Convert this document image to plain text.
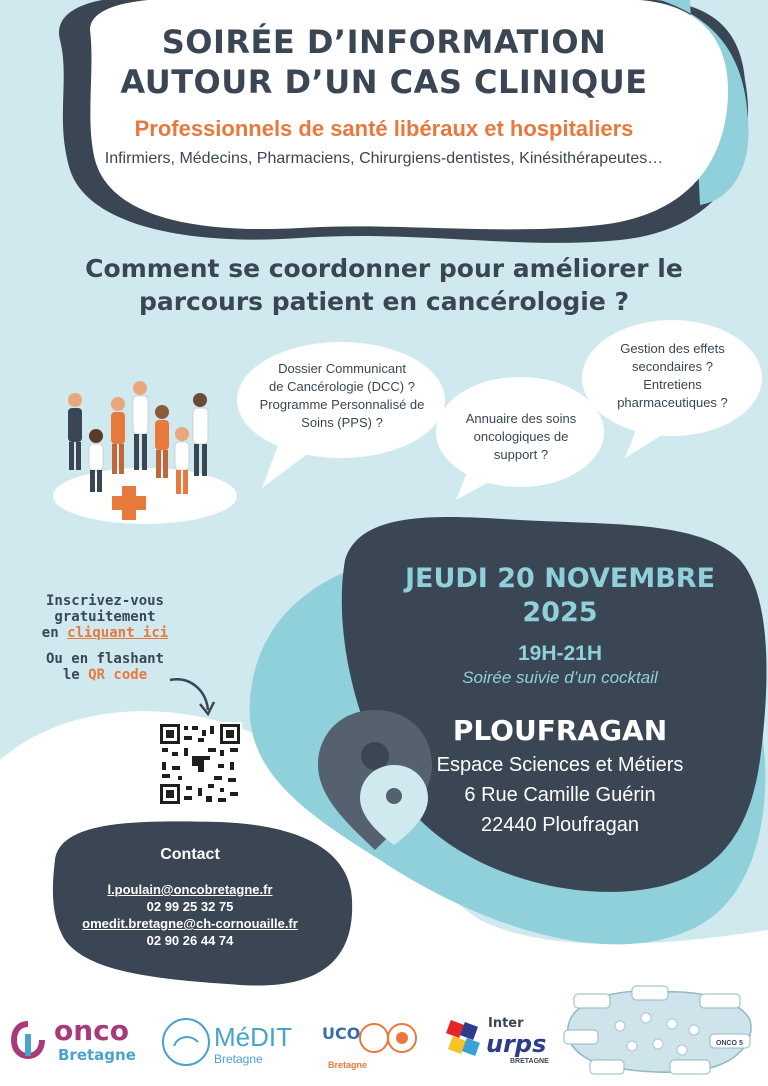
SOIRÉE D’INFORMATION
AUTOUR D’UN CAS CLINIQUE
Professionnels de santé libéraux et hospitaliers
Infirmiers, Médecins, Pharmaciens, Chirurgiens-dentistes, Kinésithérapeutes…
Comment se coordonner pour améliorer le
parcours patient en cancérologie ?
Dossier Communicant
de Cancérologie (DCC) ?
Programme Personnalisé de
Soins (PPS) ?	Annuaire des soins
oncologiques de
support ?
Gestion des effets
secondaires ?
Entretiens
pharmaceutiques ?
JEUDI 20 NOVEMBRE
2025
19H-21H
Soirée suivie d’un cocktail
PLOUFRAGAN
Espace Sciences et Métiers
6 Rue Camille Guérin
22440 Ploufragan
Inscrivez-vous
gratuitement
en cliquant ici
Ou en flashant
le QR code
Contact
l.poulain@oncobretagne.fr
02 99 25 32 75
omedit.bretagne@ch-cornouaille.fr
02 90 26 44 74
onco
Bretagne
MéDIT
Bretagne
UCO
Bretagne
Inter
urps
BRETAGNE
ONCO 5
